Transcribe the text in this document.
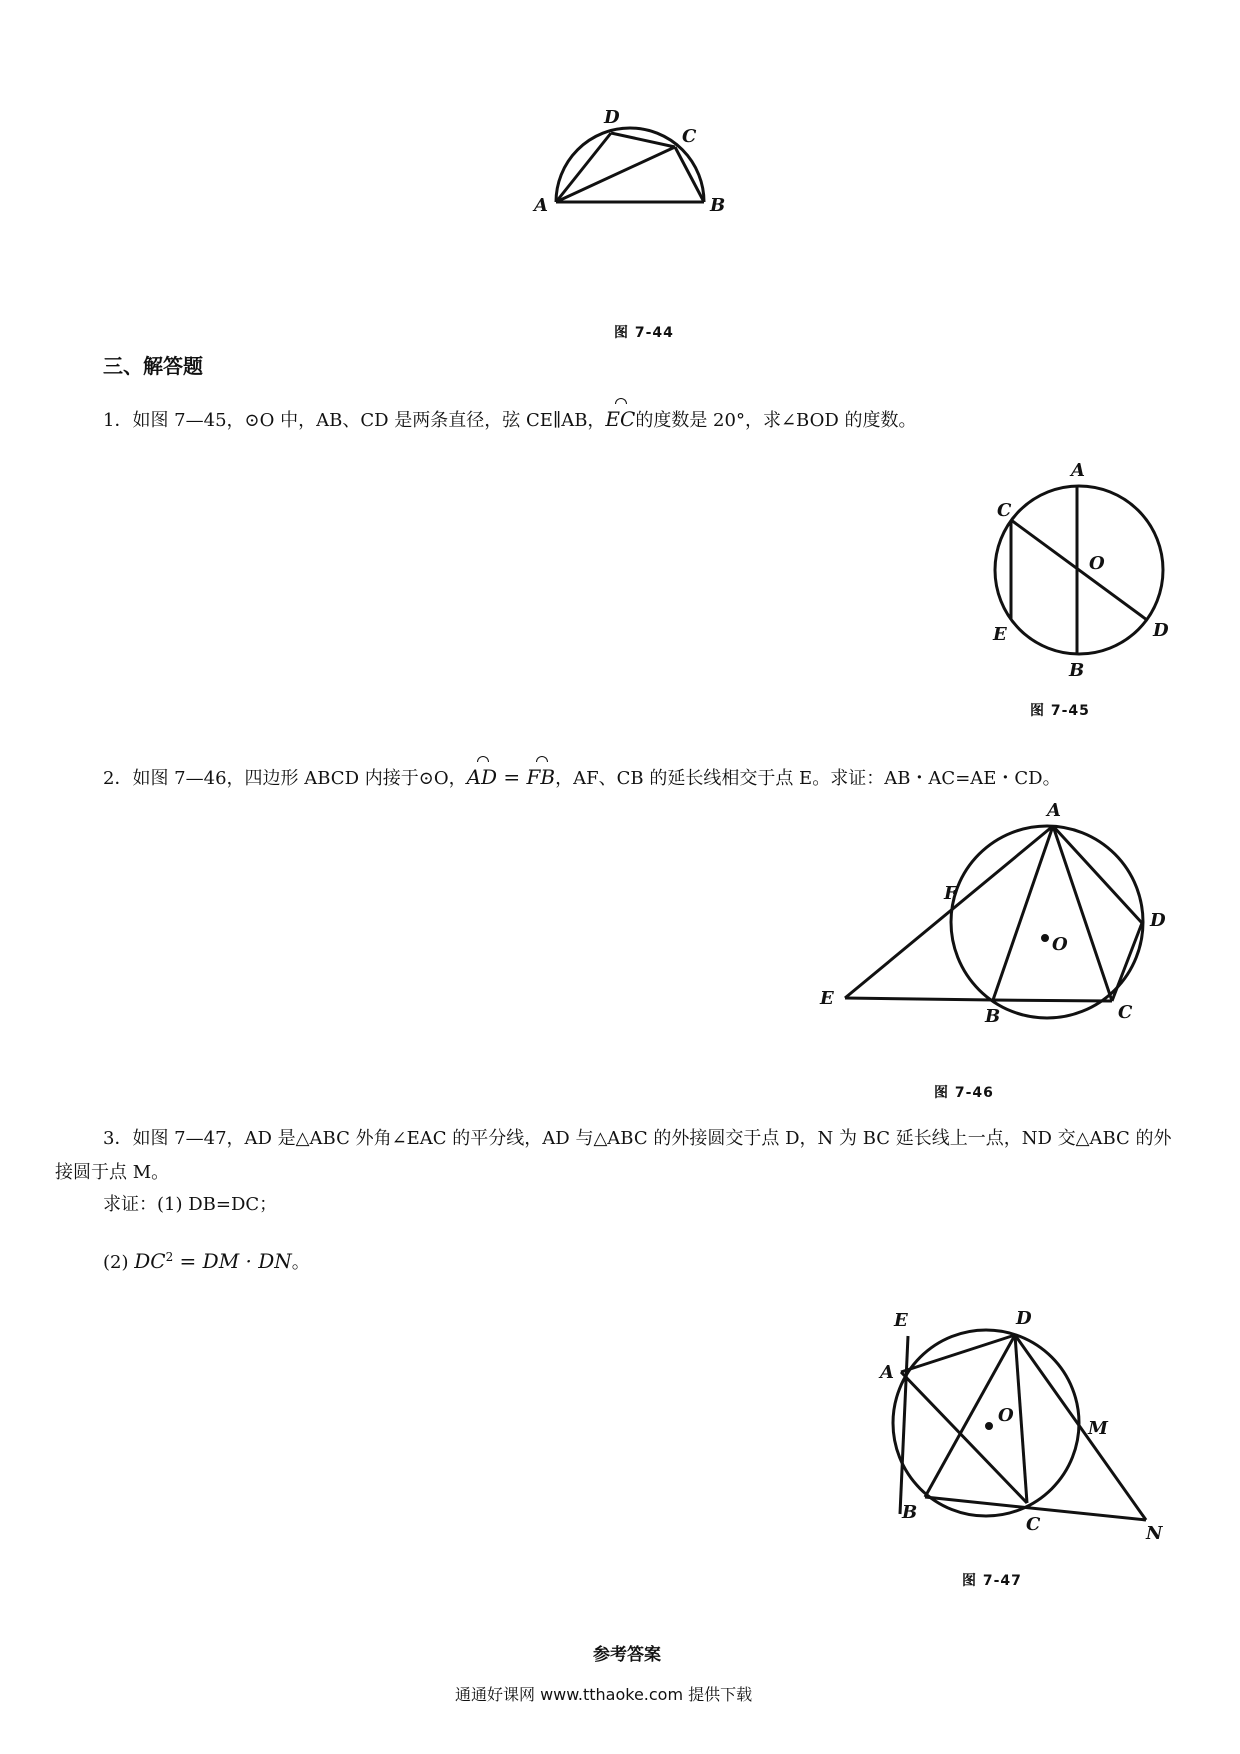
A	B
C
D
图 7-44
三、解答题
1．如图 7—45，⊙O 中，AB、CD 是两条直径，弦 CE∥AB，EC的度数是 20°，求∠BOD 的度数。
A
B
C
D
E
O
图 7-45
2．如图 7—46，四边形 ABCD 内接于⊙O，AD = FB，AF、CB 的延长线相交于点 E。求证：AB・AC=AE・CD。
A
B	C
D
E
F
O
图 7-46
3．如图 7—47，AD 是△ABC 外角∠EAC 的平分线，AD 与△ABC 的外接圆交于点 D，N 为 BC 延长线上一点，ND 交△ABC 的外接圆于点 M。
求证：(1) DB=DC；
(2) $DC^2$ = DM · DN。
A
B
C
D
E
M
N
O
图 7-47
参考答案
通通好课网 www.tthaoke.com 提供下载
